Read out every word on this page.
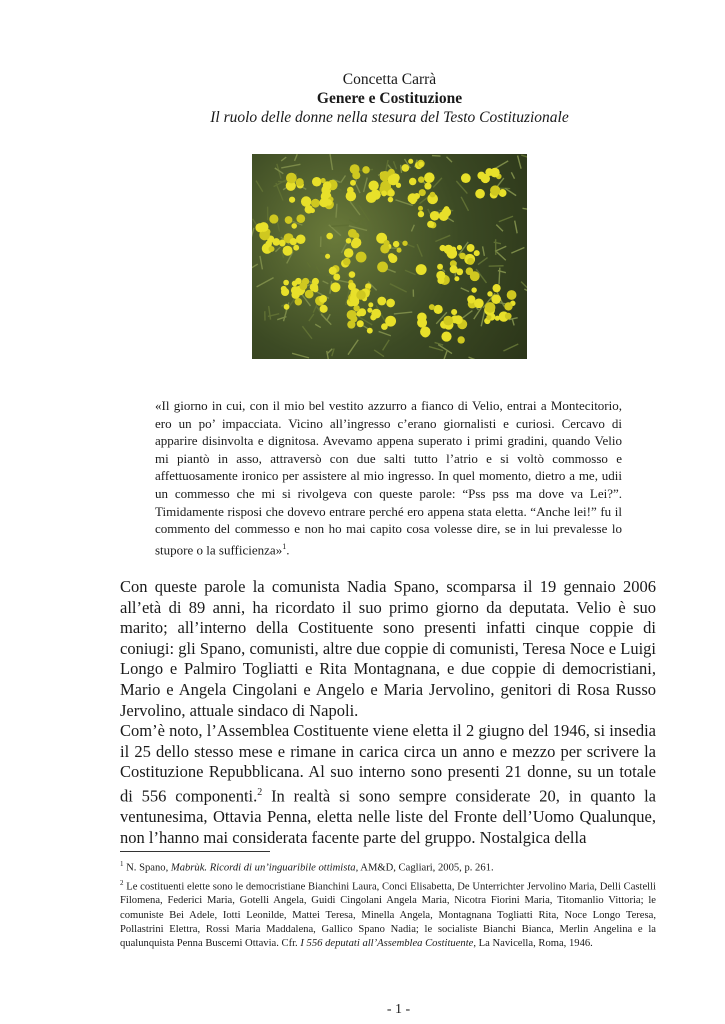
Concetta Carrà
Genere e Costituzione
Il ruolo delle donne nella stesura del Testo Costituzionale
«Il giorno in cui, con il mio bel vestito azzurro a fianco di Velio, entrai a Montecitorio, ero un po’ impacciata. Vicino all’ingresso c’erano giornalisti e curiosi. Cercavo di apparire disinvolta e dignitosa. Avevamo appena superato i primi gradini, quando Velio mi piantò in asso, attraversò con due salti tutto l’atrio e si voltò commosso e affettuosamente ironico per assistere al mio ingresso. In quel momento, dietro a me, udii un commesso che mi si rivolgeva con queste parole: “Pss pss ma dove va Lei?”. Timidamente risposi che dovevo entrare perché ero appena stata eletta. “Anche lei!” fu il commento del commesso e non ho mai capito cosa volesse dire, se in lui prevalesse lo stupore o la sufficienza»$^1$.

Con queste parole la comunista Nadia Spano, scomparsa il 19 gennaio 2006 all’età di 89 anni, ha ricordato il suo primo giorno da deputata. Velio è suo marito; all’interno della Costituente sono presenti infatti cinque coppie di coniugi: gli Spano, comunisti, altre due coppie di comunisti, Teresa Noce e Luigi Longo e Palmiro Togliatti e Rita Montagnana, e due coppie di democristiani, Mario e Angela Cingolani e Angelo e Maria Jervolino, genitori di Rosa Russo Jervolino, attuale sindaco di Napoli.

Com’è noto, l’Assemblea Costituente viene eletta il 2 giugno del 1946, si insedia il 25 dello stesso mese e rimane in carica circa un anno e mezzo per scrivere la Costituzione Repubblicana. Al suo interno sono presenti 21 donne, su un totale di 556 componenti.$^2$ In realtà si sono sempre considerate 20, in quanto la ventunesima, Ottavia Penna, eletta nelle liste del Fronte dell’Uomo Qualunque, non l’hanno mai considerata facente parte del gruppo. Nostalgica della

$^1$ N. Spano, Mabrùk. Ricordi di un’inguaribile ottimista, AM&D, Cagliari, 2005, p. 261.

$^2$ Le costituenti elette sono le democristiane Bianchini Laura, Conci Elisabetta, De Unterrichter Jervolino Maria, Delli Castelli Filomena, Federici Maria, Gotelli Angela, Guidi Cingolani Angela Maria, Nicotra Fiorini Maria, Titomanlio Vittoria; le comuniste Bei Adele, Iotti Leonilde, Mattei Teresa, Minella Angela, Montagnana Togliatti Rita, Noce Longo Teresa, Pollastrini Elettra, Rossi Maria Maddalena, Gallico Spano Nadia; le socialiste Bianchi Bianca, Merlin Angelina e la qualunquista Penna Buscemi Ottavia. Cfr. I 556 deputati all’Assemblea Costituente, La Navicella, Roma, 1946.

- 1 -
